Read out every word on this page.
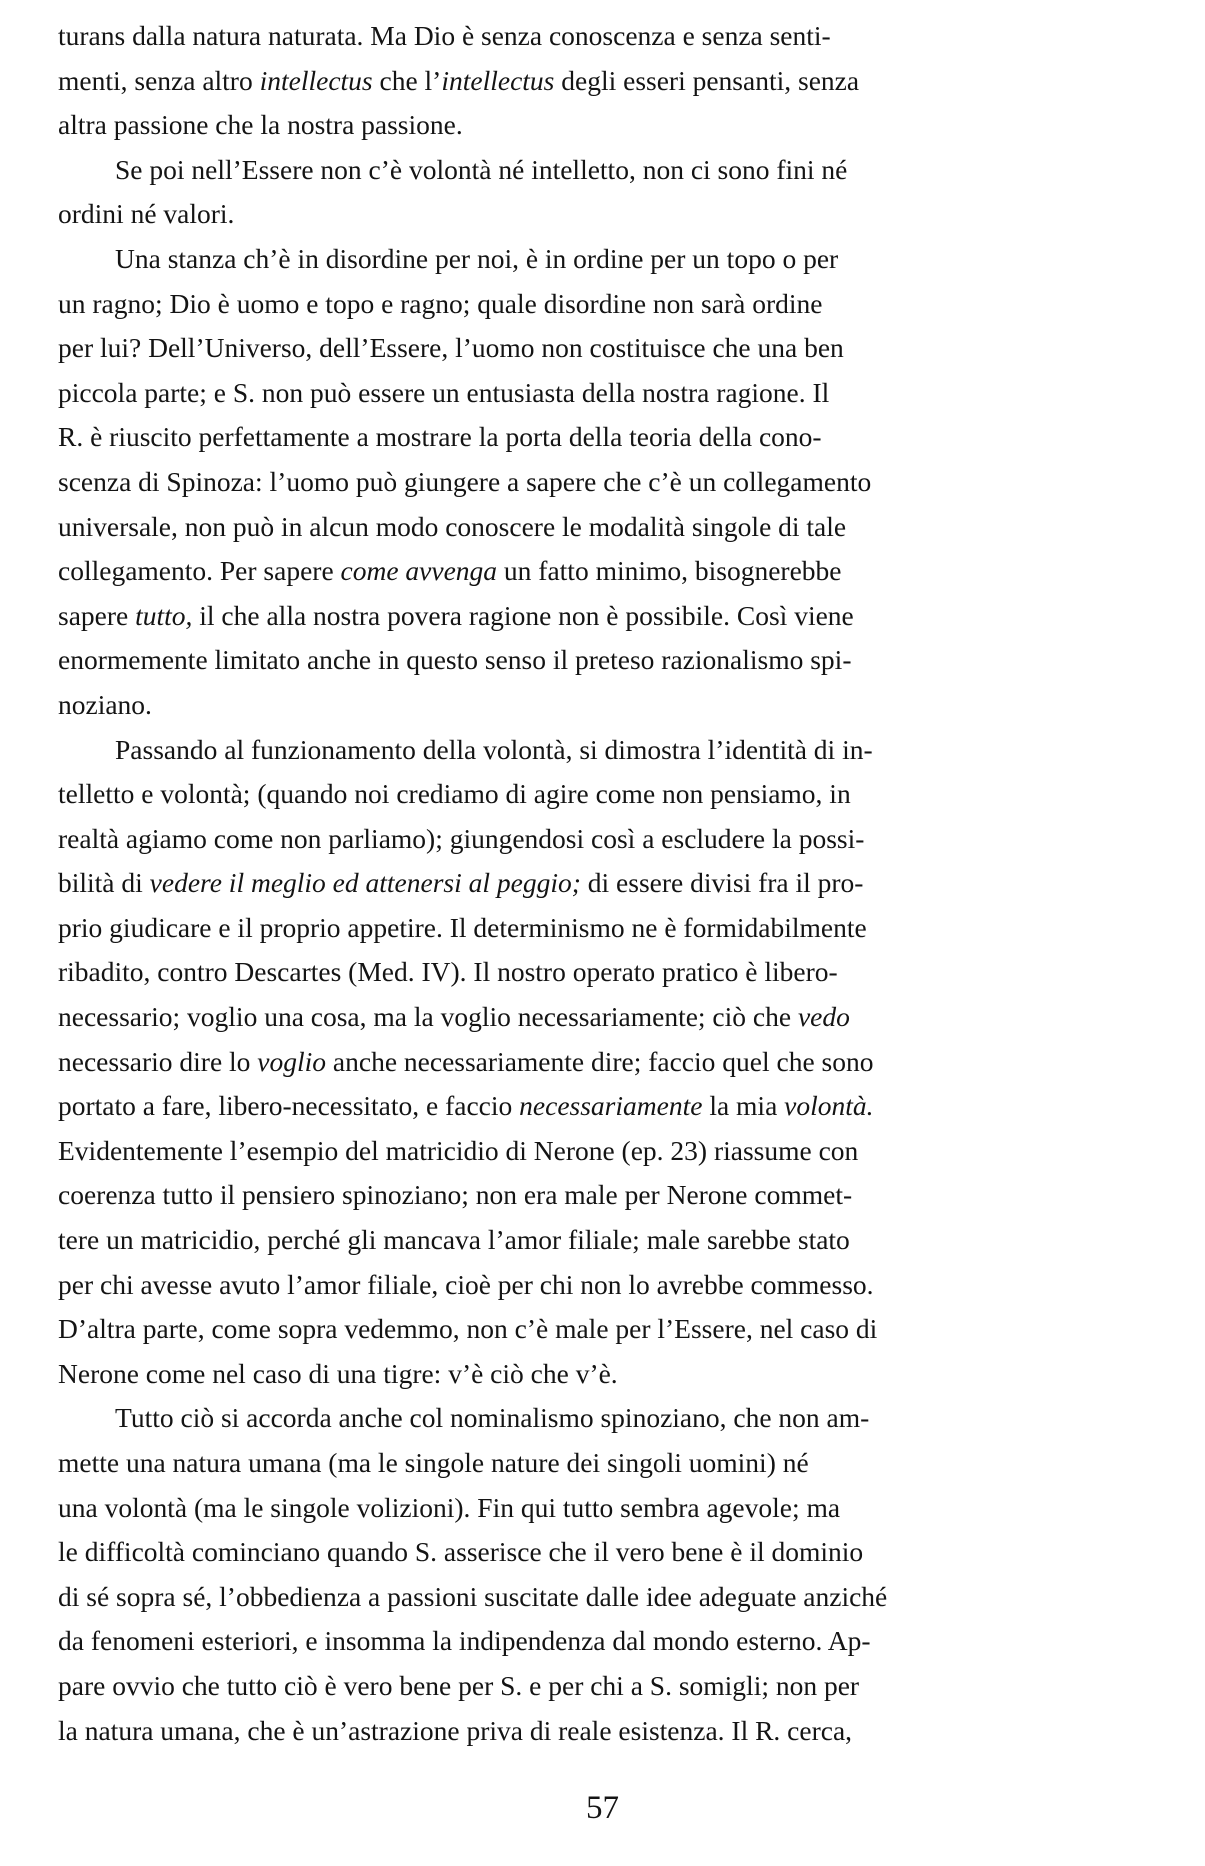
turans dalla natura naturata. Ma Dio è senza conoscenza e senza senti-
menti, senza altro intellectus che l’intellectus degli esseri pensanti, senza
altra passione che la nostra passione.
Se poi nell’Essere non c’è volontà né intelletto, non ci sono fini né
ordini né valori.
Una stanza ch’è in disordine per noi, è in ordine per un topo o per
un ragno; Dio è uomo e topo e ragno; quale disordine non sarà ordine
per lui? Dell’Universo, dell’Essere, l’uomo non costituisce che una ben
piccola parte; e S. non può essere un entusiasta della nostra ragione. Il
R. è riuscito perfettamente a mostrare la porta della teoria della cono-
scenza di Spinoza: l’uomo può giungere a sapere che c’è un collegamento
universale, non può in alcun modo conoscere le modalità singole di tale
collegamento. Per sapere come avvenga un fatto minimo, bisognerebbe
sapere tutto, il che alla nostra povera ragione non è possibile. Così viene
enormemente limitato anche in questo senso il preteso razionalismo spi-
noziano.
Passando al funzionamento della volontà, si dimostra l’identità di in-
telletto e volontà; (quando noi crediamo di agire come non pensiamo, in
realtà agiamo come non parliamo); giungendosi così a escludere la possi-
bilità di vedere il meglio ed attenersi al peggio; di essere divisi fra il pro-
prio giudicare e il proprio appetire. Il determinismo ne è formidabilmente
ribadito, contro Descartes (Med. IV). Il nostro operato pratico è libero-
necessario; voglio una cosa, ma la voglio necessariamente; ciò che vedo
necessario dire lo voglio anche necessariamente dire; faccio quel che sono
portato a fare, libero-necessitato, e faccio necessariamente la mia volontà.
Evidentemente l’esempio del matricidio di Nerone (ep. 23) riassume con
coerenza tutto il pensiero spinoziano; non era male per Nerone commet-
tere un matricidio, perché gli mancava l’amor filiale; male sarebbe stato
per chi avesse avuto l’amor filiale, cioè per chi non lo avrebbe commesso.
D’altra parte, come sopra vedemmo, non c’è male per l’Essere, nel caso di
Nerone come nel caso di una tigre: v’è ciò che v’è.
Tutto ciò si accorda anche col nominalismo spinoziano, che non am-
mette una natura umana (ma le singole nature dei singoli uomini) né
una volontà (ma le singole volizioni). Fin qui tutto sembra agevole; ma
le difficoltà cominciano quando S. asserisce che il vero bene è il dominio
di sé sopra sé, l’obbedienza a passioni suscitate dalle idee adeguate anziché
da fenomeni esteriori, e insomma la indipendenza dal mondo esterno. Ap-
pare ovvio che tutto ciò è vero bene per S. e per chi a S. somigli; non per
la natura umana, che è un’astrazione priva di reale esistenza. Il R. cerca,
57
